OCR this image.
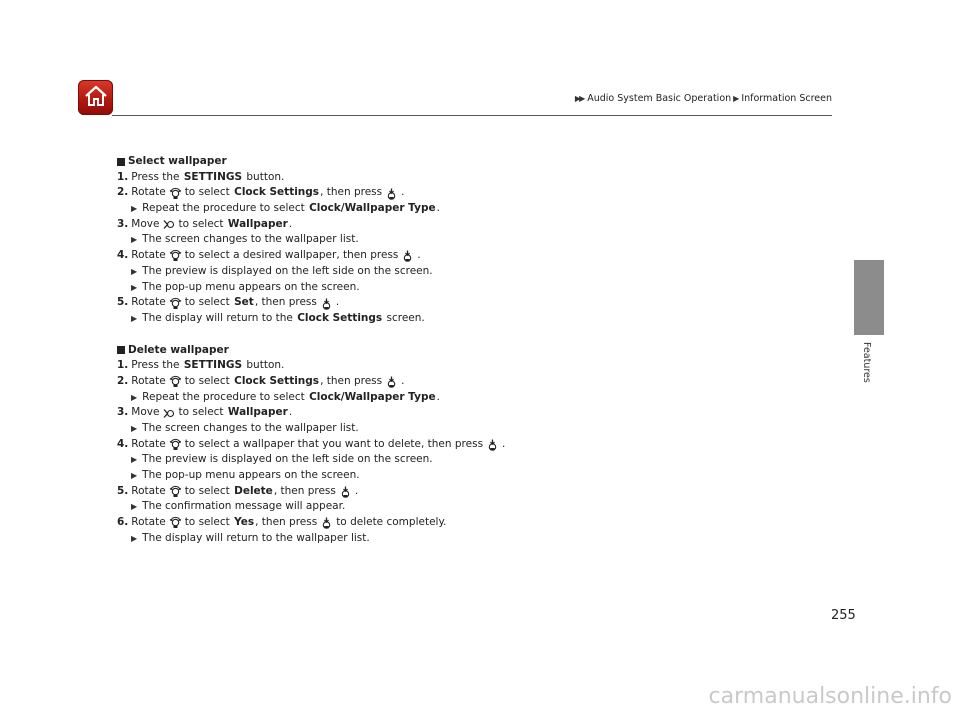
▶▶ Audio System Basic Operation ▶ Information Screen
Features
Select wallpaper
1. Press the
SETTINGS
button.
2. Rotate to select
Clock Settings , then press .
▶ Repeat the procedure to select
Clock/Wallpaper Type .
3. Move to select
Wallpaper .
▶ The screen changes to the wallpaper list.
4. Rotate to select a desired wallpaper, then press .
▶ The preview is displayed on the left side on the screen.
▶ The pop-up menu appears on the screen.
5. Rotate to select
Set , then press .
▶ The display will return to the
Clock Settings
screen.
Delete wallpaper
1. Press the
SETTINGS
button.
2. Rotate to select
Clock Settings , then press .
▶ Repeat the procedure to select
Clock/Wallpaper Type .
3. Move to select
Wallpaper .
▶ The screen changes to the wallpaper list.
4. Rotate to select a wallpaper that you want to delete, then press .
▶ The preview is displayed on the left side on the screen.
▶ The pop-up menu appears on the screen.
5. Rotate to select
Delete , then press .
▶ The confirmation message will appear.
6. Rotate to select
Yes , then press to delete completely.
▶ The display will return to the wallpaper list.
255
carmanualsonline.info
